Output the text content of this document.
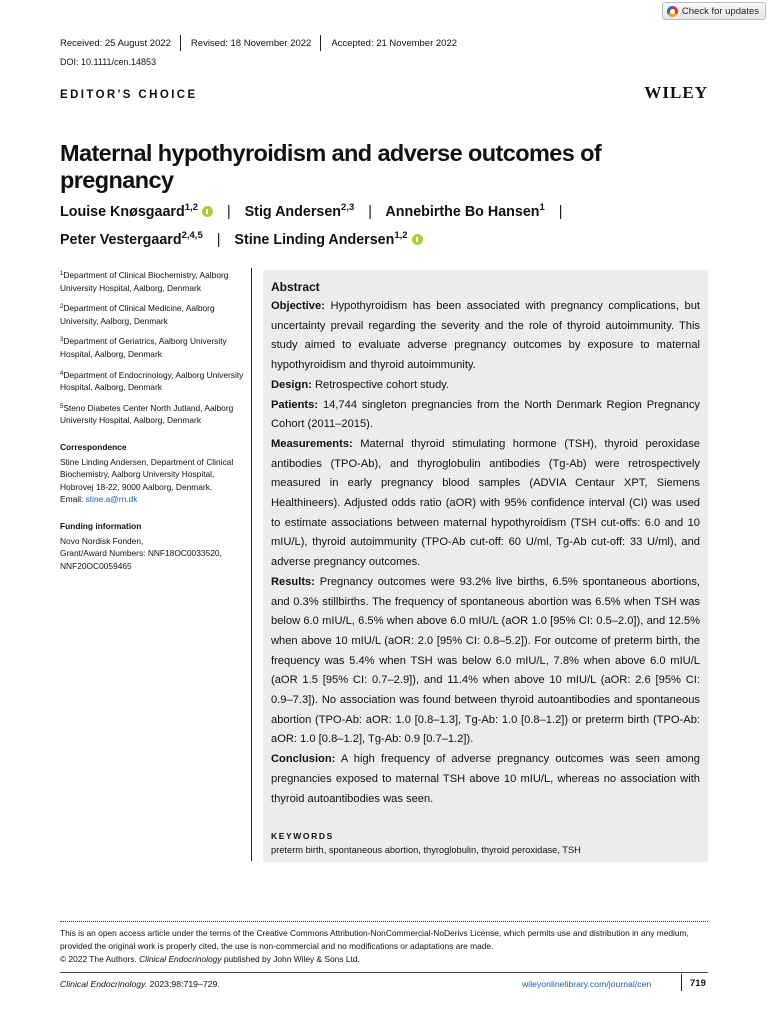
Check for updates
Received: 25 August 2022	Revised: 18 November 2022	Accepted: 21 November 2022
DOI: 10.1111/cen.14853
EDITOR'S CHOICE	WILEY
Maternal hypothyroidism and adverse outcomes of pregnancy
Louise Knøsgaard$^{1,2}$ | Stig Andersen$^{2,3}$ | Annebirthe Bo Hansen$^1$ |
Peter Vestergaard$^{2,4,5}$ | Stine Linding Andersen$^{1,2}$
$^1$Department of Clinical Biochemistry, Aalborg University Hospital, Aalborg, Denmark
$^2$Department of Clinical Medicine, Aalborg University, Aalborg, Denmark
$^3$Department of Geriatrics, Aalborg University Hospital, Aalborg, Denmark
$^4$Department of Endocrinology, Aalborg University Hospital, Aalborg, Denmark
$^5$Steno Diabetes Center North Jutland, Aalborg University Hospital, Aalborg, Denmark
Correspondence
Stine Linding Andersen, Department of Clinical Biochemistry, Aalborg University Hospital, Hobrovej 18-22, 9000 Aalborg, Denmark.
Email: stine.a@rn.dk
Funding information
Novo Nordisk Fonden,
Grant/Award Numbers: NNF18OC0033520, NNF20OC0059465
Abstract

Objective: Hypothyroidism has been associated with pregnancy complications, but uncertainty prevail regarding the severity and the role of thyroid autoimmunity. This study aimed to evaluate adverse pregnancy outcomes by exposure to maternal hypothyroidism and thyroid autoimmunity.

Design: Retrospective cohort study.

Patients: 14,744 singleton pregnancies from the North Denmark Region Pregnancy Cohort (2011–2015).

Measurements: Maternal thyroid stimulating hormone (TSH), thyroid peroxidase antibodies (TPO-Ab), and thyroglobulin antibodies (Tg-Ab) were retrospectively measured in early pregnancy blood samples (ADVIA Centaur XPT, Siemens Healthineers). Adjusted odds ratio (aOR) with 95% confidence interval (CI) was used to estimate associations between maternal hypothyroidism (TSH cut-offs: 6.0 and 10 mIU/L), thyroid autoimmunity (TPO-Ab cut-off: 60 U/ml, Tg-Ab cut-off: 33 U/ml), and adverse pregnancy outcomes.

Results: Pregnancy outcomes were 93.2% live births, 6.5% spontaneous abortions, and 0.3% stillbirths. The frequency of spontaneous abortion was 6.5% when TSH was below 6.0 mIU/L, 6.5% when above 6.0 mIU/L (aOR 1.0 [95% CI: 0.5–2.0]), and 12.5% when above 10 mIU/L (aOR: 2.0 [95% CI: 0.8–5.2]). For outcome of preterm birth, the frequency was 5.4% when TSH was below 6.0 mIU/L, 7.8% when above 6.0 mIU/L (aOR 1.5 [95% CI: 0.7–2.9]), and 11.4% when above 10 mIU/L (aOR: 2.6 [95% CI: 0.9–7.3]). No association was found between thyroid autoantibodies and spontaneous abortion (TPO-Ab: aOR: 1.0 [0.8–1.3], Tg-Ab: 1.0 [0.8–1.2]) or preterm birth (TPO-Ab: aOR: 1.0 [0.8–1.2], Tg-Ab: 0.9 [0.7–1.2]).

Conclusion: A high frequency of adverse pregnancy outcomes was seen among pregnancies exposed to maternal TSH above 10 mIU/L, whereas no association with thyroid autoantibodies was seen.

KEYWORDS
preterm birth, spontaneous abortion, thyroglobulin, thyroid peroxidase, TSH
This is an open access article under the terms of the Creative Commons Attribution-NonCommercial-NoDerivs License, which permits use and distribution in any medium, provided the original work is properly cited, the use is non-commercial and no modifications or adaptations are made.
© 2022 The Authors. Clinical Endocrinology published by John Wiley & Sons Ltd.
Clinical Endocrinology. 2023;98:719–729.	wileyonlinelibrary.com/journal/cen	719
